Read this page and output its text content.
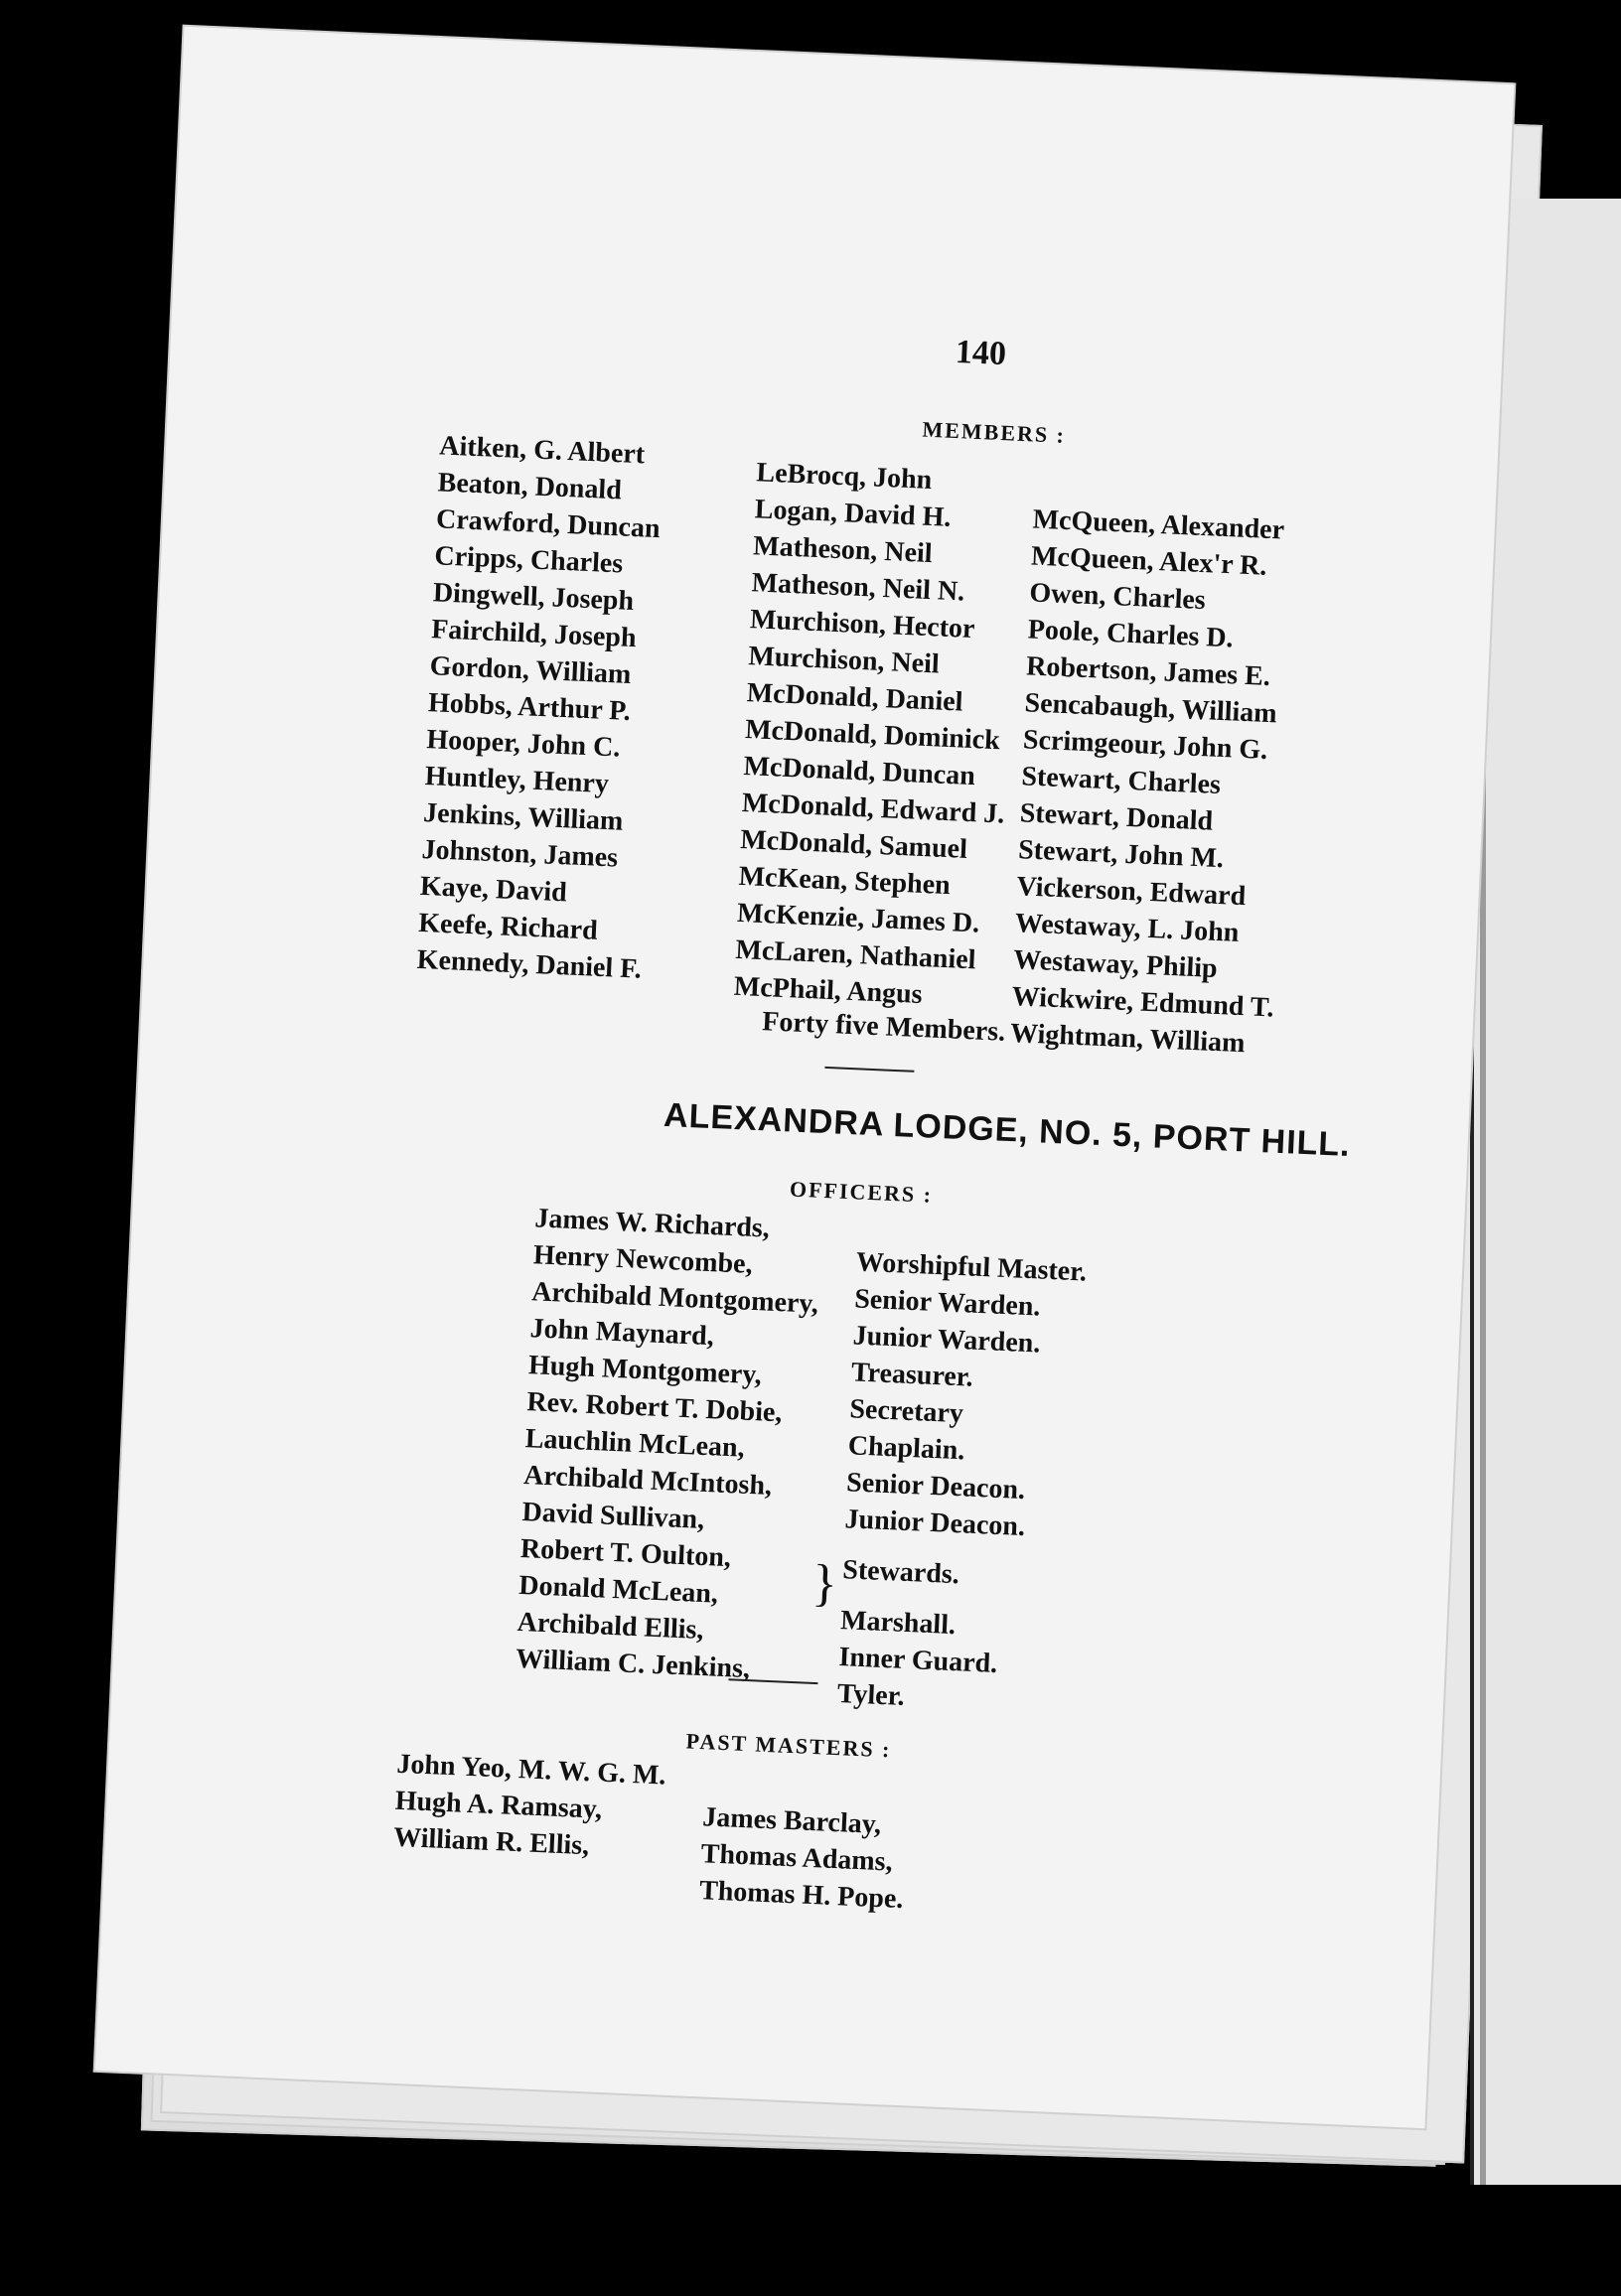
140
MEMBERS :
Aitken, G. Albert
Beaton, Donald
Crawford, Duncan
Cripps, Charles
Dingwell, Joseph
Fairchild, Joseph
Gordon, William
Hobbs, Arthur P.
Hooper, John C.
Huntley, Henry
Jenkins, William
Johnston, James
Kaye, David
Keefe, Richard
Kennedy, Daniel F.
LeBrocq, John
Logan, David H.
Matheson, Neil
Matheson, Neil N.
Murchison, Hector
Murchison, Neil
McDonald, Daniel
McDonald, Dominick
McDonald, Duncan
McDonald, Edward J.
McDonald, Samuel
McKean, Stephen
McKenzie, James D.
McLaren, Nathaniel
McPhail, Angus
McQueen, Alexander
McQueen, Alex'r R.
Owen, Charles
Poole, Charles D.
Robertson, James E.
Sencabaugh, William
Scrimgeour, John G.
Stewart, Charles
Stewart, Donald
Stewart, John M.
Vickerson, Edward
Westaway, L. John
Westaway, Philip
Wickwire, Edmund T.
Wightman, William
Forty five Members.
ALEXANDRA LODGE, NO. 5, PORT HILL.
OFFICERS :
James W. Richards,
Henry Newcombe,
Archibald Montgomery,
John Maynard,
Hugh Montgomery,
Rev. Robert T. Dobie,
Lauchlin McLean,
Archibald McIntosh,
David Sullivan,
Robert T. Oulton,
Donald McLean,
Archibald Ellis,
William C. Jenkins,
Worshipful Master.
Senior Warden.
Junior Warden.
Treasurer.
Secretary
Chaplain.
Senior Deacon.
Junior Deacon.
Stewards.
Marshall.
Inner Guard.
Tyler.
}
PAST MASTERS :
John Yeo, M. W. G. M.
Hugh A. Ramsay,
William R. Ellis,
James Barclay,
Thomas Adams,
Thomas H. Pope.
